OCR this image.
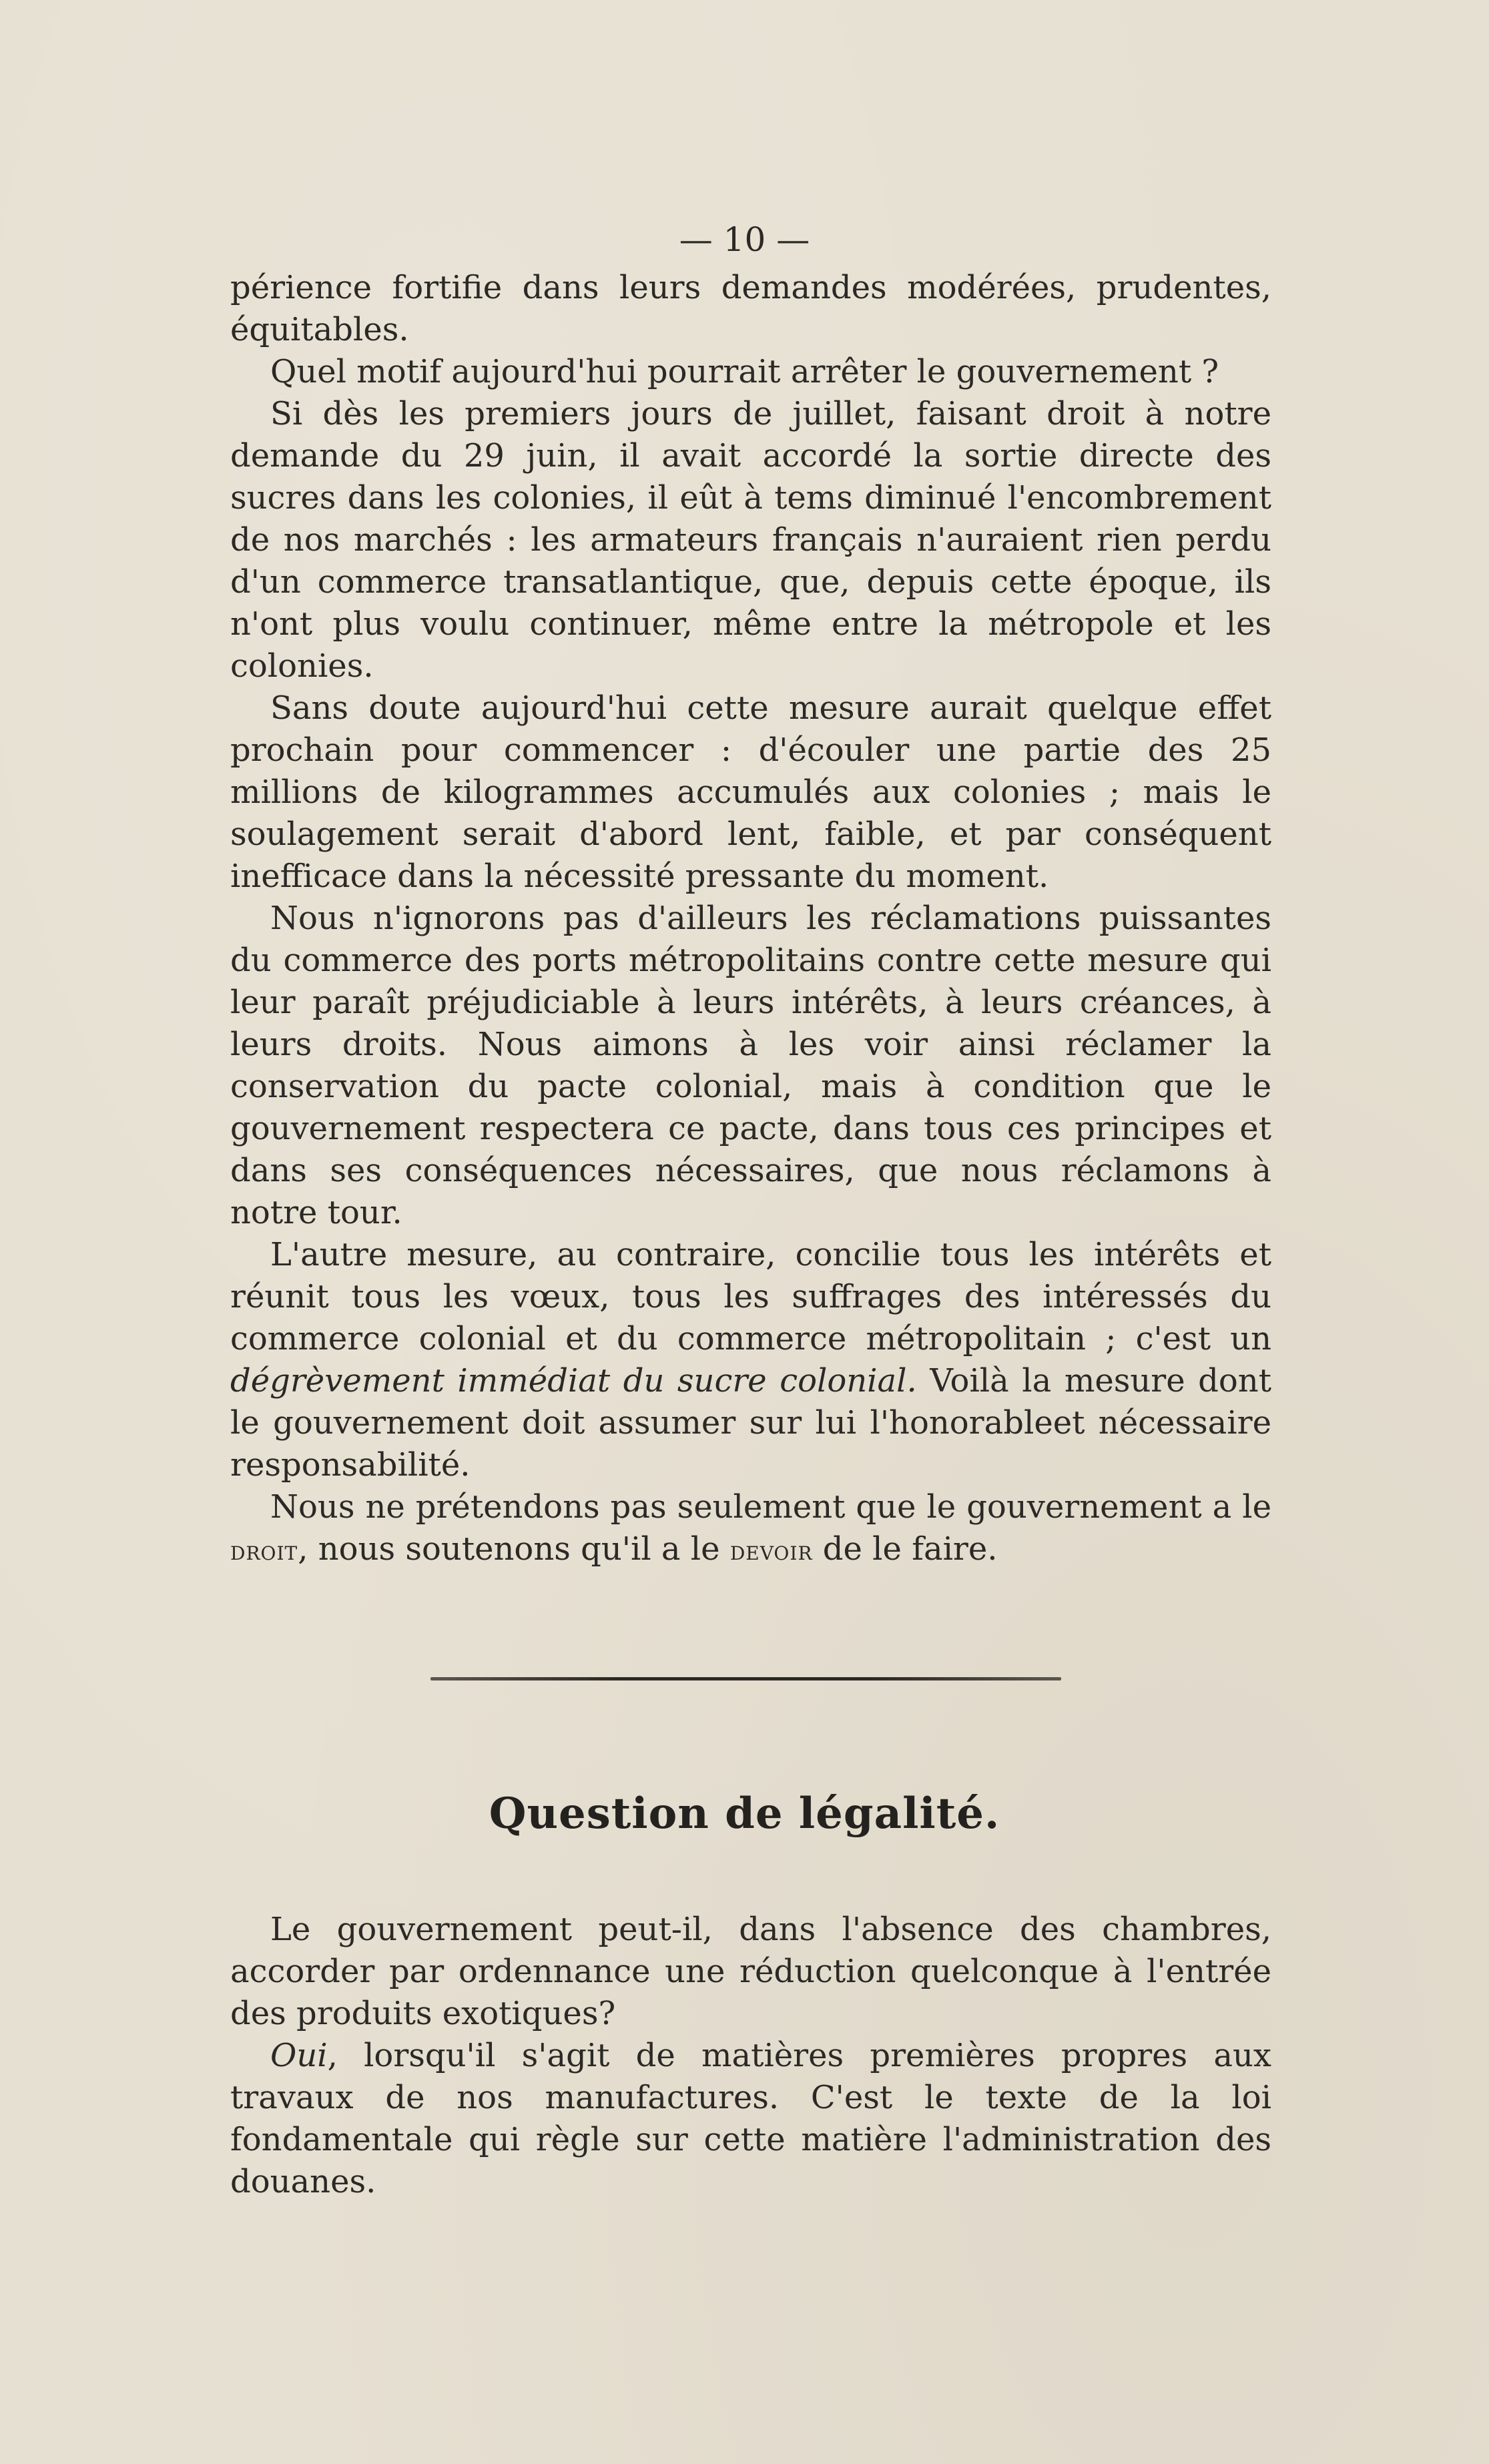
— 10 —

périence fortifie dans leurs demandes modérées, prudentes, équitables.

Quel motif aujourd'hui pourrait arrêter le gouvernement ?

Si dès les premiers jours de juillet, faisant droit à notre demande du 29 juin, il avait accordé la sortie directe des sucres dans les colonies, il eût à tems diminué l'encombrement de nos marchés : les armateurs français n'auraient rien perdu d'un commerce transatlantique, que, depuis cette époque, ils n'ont plus voulu continuer, même entre la métropole et les colonies.

Sans doute aujourd'hui cette mesure aurait quelque effet prochain pour commencer : d'écouler une partie des 25 millions de kilogrammes accumulés aux colonies ; mais le soulagement serait d'abord lent, faible, et par conséquent inefficace dans la nécessité pressante du moment.

Nous n'ignorons pas d'ailleurs les réclamations puissantes du commerce des ports métropolitains contre cette mesure qui leur paraît préjudiciable à leurs intérêts, à leurs créances, à leurs droits. Nous aimons à les voir ainsi réclamer la conservation du pacte colonial, mais à condition que le gouvernement respectera ce pacte, dans tous ces principes et dans ses conséquences nécessaires, que nous réclamons à notre tour.

L'autre mesure, au contraire, concilie tous les intérêts et réunit tous les vœux, tous les suffrages des intéressés du commerce colonial et du commerce métropolitain ; c'est un dégrèvement immédiat du sucre colonial. Voilà la mesure dont le gouvernement doit assumer sur lui l'honorableet nécessaire responsabilité.

Nous ne prétendons pas seulement que le gouvernement a le droit, nous soutenons qu'il a le devoir de le faire.

Question de légalité.

Le gouvernement peut-il, dans l'absence des chambres, accorder par ordennance une réduction quelconque à l'entrée des produits exotiques?

Oui, lorsqu'il s'agit de matières premières propres aux travaux de nos manufactures. C'est le texte de la loi fondamentale qui règle sur cette matière l'administration des douanes.
